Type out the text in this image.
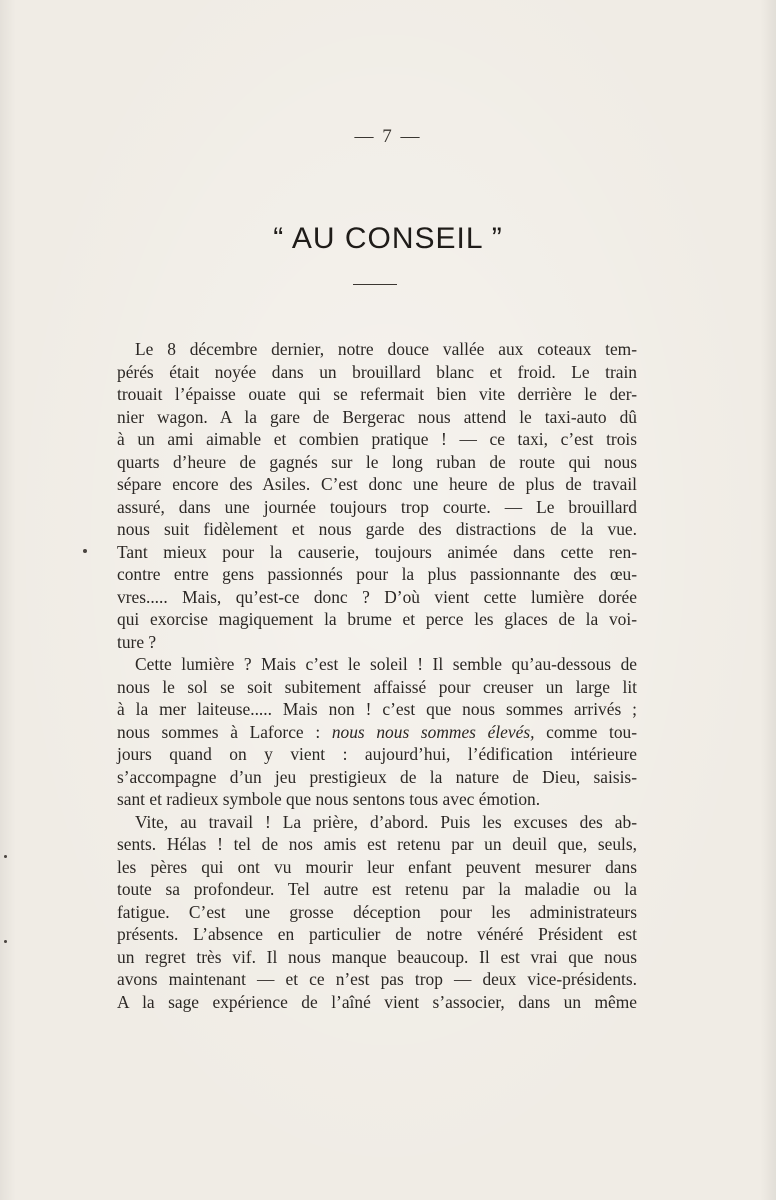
— 7 —
“ AU CONSEIL ”
Le 8 décembre dernier, notre douce vallée aux coteaux tem-
pérés était noyée dans un brouillard blanc et froid. Le train
trouait l’épaisse ouate qui se refermait bien vite derrière le der-
nier wagon. A la gare de Bergerac nous attend le taxi-auto dû
à un ami aimable et combien pratique ! — ce taxi, c’est trois
quarts d’heure de gagnés sur le long ruban de route qui nous
sépare encore des Asiles. C’est donc une heure de plus de travail
assuré, dans une journée toujours trop courte. — Le brouillard
nous suit fidèlement et nous garde des distractions de la vue.
Tant mieux pour la causerie, toujours animée dans cette ren-
contre entre gens passionnés pour la plus passionnante des œu-
vres..... Mais, qu’est-ce donc ? D’où vient cette lumière dorée
qui exorcise magiquement la brume et perce les glaces de la voi-
ture ?
Cette lumière ? Mais c’est le soleil ! Il semble qu’au-dessous de
nous le sol se soit subitement affaissé pour creuser un large lit
à la mer laiteuse..... Mais non ! c’est que nous sommes arrivés ;
nous sommes à Laforce : nous nous sommes élevés, comme tou-
jours quand on y vient : aujourd’hui, l’édification intérieure
s’accompagne d’un jeu prestigieux de la nature de Dieu, saisis-
sant et radieux symbole que nous sentons tous avec émotion.
Vite, au travail ! La prière, d’abord. Puis les excuses des ab-
sents. Hélas ! tel de nos amis est retenu par un deuil que, seuls,
les pères qui ont vu mourir leur enfant peuvent mesurer dans
toute sa profondeur. Tel autre est retenu par la maladie ou la
fatigue. C’est une grosse déception pour les administrateurs
présents. L’absence en particulier de notre vénéré Président est
un regret très vif. Il nous manque beaucoup. Il est vrai que nous
avons maintenant — et ce n’est pas trop — deux vice-présidents.
A la sage expérience de l’aîné vient s’associer, dans un même
